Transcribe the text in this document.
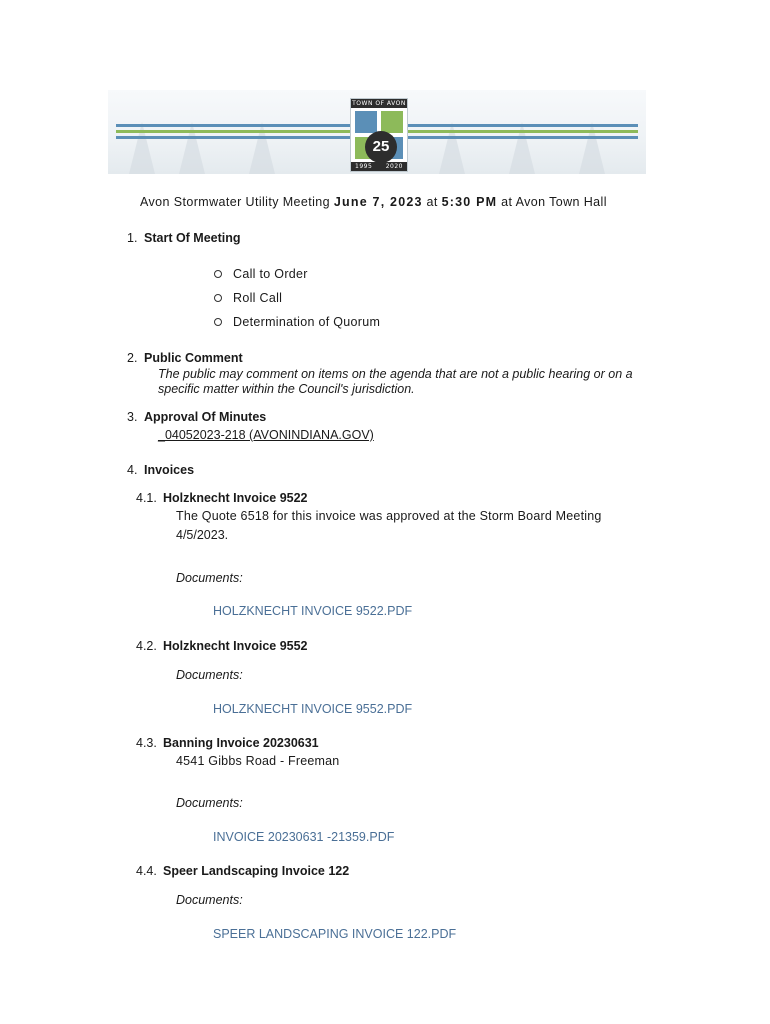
TOWN OF AVON
25
1995 2020
Avon Stormwater Utility Meeting June 7, 2023 at 5:30 PM at Avon Town Hall
1. Start Of Meeting
Call to Order
Roll Call
Determination of Quorum
2. Public Comment
The public may comment on items on the agenda that are not a public hearing or on a
specific matter within the Council's jurisdiction.
3. Approval Of Minutes
_04052023-218 (AVONINDIANA.GOV)
4. Invoices
4.1. Holzknecht Invoice 9522
The Quote 6518 for this invoice was approved at the Storm Board Meeting
4/5/2023.
Documents:
HOLZKNECHT INVOICE 9522.PDF
4.2. Holzknecht Invoice 9552
Documents:
HOLZKNECHT INVOICE 9552.PDF
4.3. Banning Invoice 20230631
4541 Gibbs Road - Freeman
Documents:
INVOICE 20230631 -21359.PDF
4.4. Speer Landscaping Invoice 122
Documents:
SPEER LANDSCAPING INVOICE 122.PDF
